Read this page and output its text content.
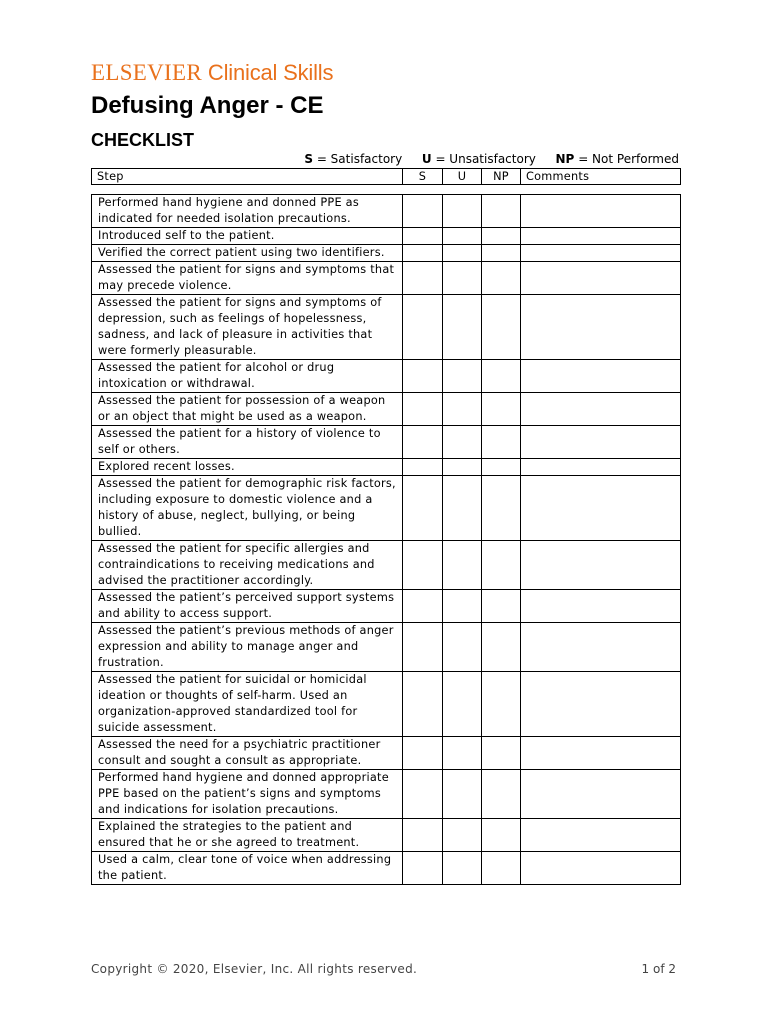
ELSEVIER Clinical Skills
Defusing Anger - CE
CHECKLIST
S = Satisfactory U = Unsatisfactory NP = Not Performed
Step	S	U	NP	Comments
Performed hand hygiene and donned PPE as indicated for needed isolation precautions.				
Introduced self to the patient.				
Verified the correct patient using two identifiers.				
Assessed the patient for signs and symptoms that may precede violence.				
Assessed the patient for signs and symptoms of depression, such as feelings of hopelessness, sadness, and lack of pleasure in activities that were formerly pleasurable.				
Assessed the patient for alcohol or drug intoxication or withdrawal.				
Assessed the patient for possession of a weapon or an object that might be used as a weapon.				
Assessed the patient for a history of violence to self or others.				
Explored recent losses.				
Assessed the patient for demographic risk factors, including exposure to domestic violence and a history of abuse, neglect, bullying, or being bullied.				
Assessed the patient for specific allergies and contraindications to receiving medications and advised the practitioner accordingly.				
Assessed the patient’s perceived support systems and ability to access support.				
Assessed the patient’s previous methods of anger expression and ability to manage anger and frustration.				
Assessed the patient for suicidal or homicidal ideation or thoughts of self-harm. Used an organization-approved standardized tool for suicide assessment.				
Assessed the need for a psychiatric practitioner consult and sought a consult as appropriate.				
Performed hand hygiene and donned appropriate PPE based on the patient’s signs and symptoms and indications for isolation precautions.				
Explained the strategies to the patient and ensured that he or she agreed to treatment.				
Used a calm, clear tone of voice when addressing the patient.				
Copyright © 2020, Elsevier, Inc. All rights reserved.	1 of 2
